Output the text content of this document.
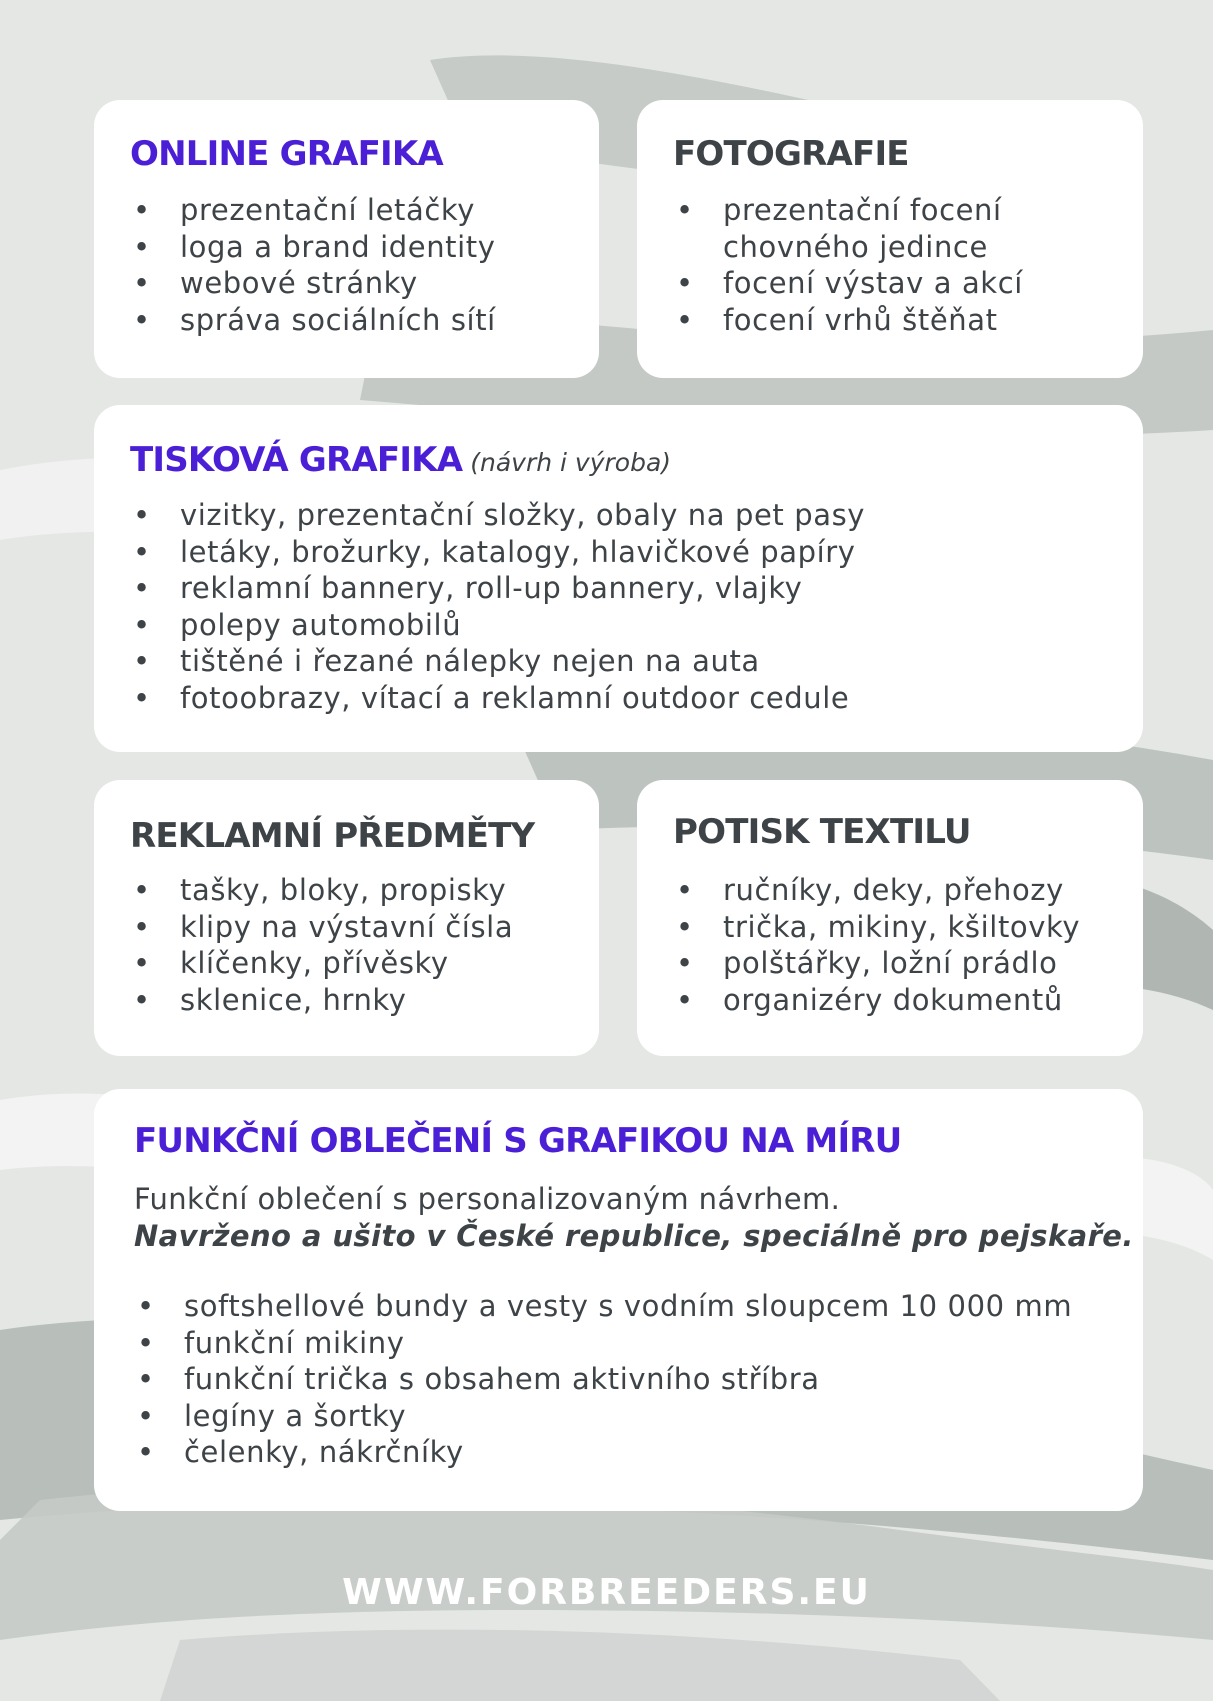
ONLINE GRAFIKA
• prezentační letáčky
• loga a brand identity
• webové stránky
• správa sociálních sítí
FOTOGRAFIE
• prezentační focení chovného jedince
• focení výstav a akcí
• focení vrhů štěňat
TISKOVÁ GRAFIKA (návrh i výroba)
• vizitky, prezentační složky, obaly na pet pasy
• letáky, brožurky, katalogy, hlavičkové papíry
• reklamní bannery, roll-up bannery, vlajky
• polepy automobilů
• tištěné i řezané nálepky nejen na auta
• fotoobrazy, vítací a reklamní outdoor cedule
REKLAMNÍ PŘEDMĚTY
• tašky, bloky, propisky
• klipy na výstavní čísla
• klíčenky, přívěsky
• sklenice, hrnky
POTISK TEXTILU
• ručníky, deky, přehozy
• trička, mikiny, kšiltovky
• polštářky, ložní prádlo
• organizéry dokumentů
FUNKČNÍ OBLEČENÍ S GRAFIKOU NA MÍRU

Funkční oblečení s personalizovaným návrhem.

Navrženo a ušito v České republice, speciálně pro pejskaře.

• softshellové bundy a vesty s vodním sloupcem 10 000 mm
• funkční mikiny
• funkční trička s obsahem aktivního stříbra
• legíny a šortky
• čelenky, nákrčníky
WWW.FORBREEDERS.EU
